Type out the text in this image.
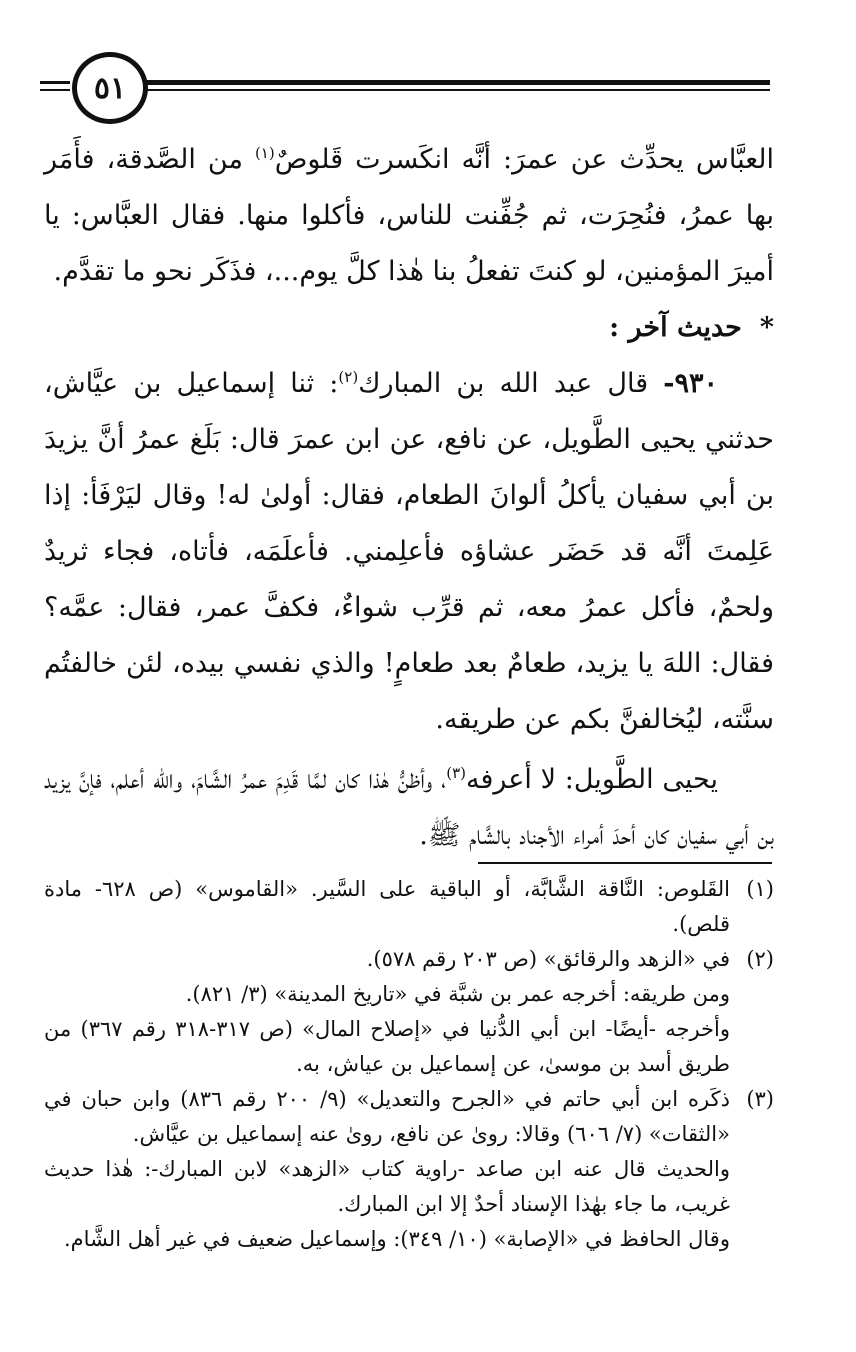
٥١

العبَّاس يحدِّث عن عمرَ: أنَّه انكَسرت قَلوصٌ$^{(١)}$ من الصَّدقة، فأَمَر بها عمرُ، فنُحِرَت، ثم جُفِّنت للناس، فأكلوا منها. فقال العبَّاس: يا أميرَ المؤمنين، لو كنتَ تفعلُ بنا هٰذا كلَّ يوم...، فذَكَر نحو ما تقدَّم.

*حديث آخر :

٩٣٠- قال عبد الله بن المبارك$^{(٢)}$: ثنا إسماعيل بن عيَّاش، حدثني يحيى الطَّويل، عن نافع، عن ابن عمرَ قال: بَلَغ عمرُ أنَّ يزيدَ بن أبي سفيان يأكلُ ألوانَ الطعام، فقال: أولىٰ له! وقال ليَرْفَأ: إذا عَلِمتَ أنَّه قد حَضَر عشاؤه فأعلِمني. فأعلَمَه، فأتاه، فجاء ثريدٌ ولحمٌ، فأكل عمرُ معه، ثم قرِّب شواءٌ، فكفَّ عمر، فقال: عمَّه؟ فقال: اللهَ يا يزيد، طعامٌ بعد طعامٍ! والذي نفسي بيده، لئن خالفتُم سنَّته، ليُخالفنَّ بكم عن طريقه.

يحيى الطَّويل: لا أعرفه$^{(٣)}$، وأظنُّ هٰذا كان لمَّا قَدِمَ عمرُ الشَّامَ، والله أعلم، فإنَّ يزيد بن أبي سفيان كان أحدَ أمراء الأجناد بالشَّام ﷺ.

(١)

القَلوص: النَّاقة الشَّابَّة، أو الباقية على السَّير. «القاموس» (ص ٦٢٨- مادة قلص).

(٢)

في «الزهد والرقائق» (ص ٢٠٣ رقم ٥٧٨).

ومن طريقه: أخرجه عمر بن شبَّة في «تاريخ المدينة» (٣/ ٨٢١).

وأخرجه -أيضًا- ابن أبي الدُّنيا في «إصلاح المال» (ص ٣١٧-٣١٨ رقم ٣٦٧) من طريق أسد بن موسىٰ، عن إسماعيل بن عياش، به.

(٣)

ذكَره ابن أبي حاتم في «الجرح والتعديل» (٩/ ٢٠٠ رقم ٨٣٦) وابن حبان في «الثقات» (٧/ ٦٠٦) وقالا: روىٰ عن نافع، روىٰ عنه إسماعيل بن عيَّاش.

والحديث قال عنه ابن صاعد -راوية كتاب «الزهد» لابن المبارك-: هٰذا حديث غريب، ما جاء بهٰذا الإسناد أحدٌ إلا ابن المبارك.

وقال الحافظ في «الإصابة» (١٠/ ٣٤٩): وإسماعيل ضعيف في غير أهل الشَّام.
